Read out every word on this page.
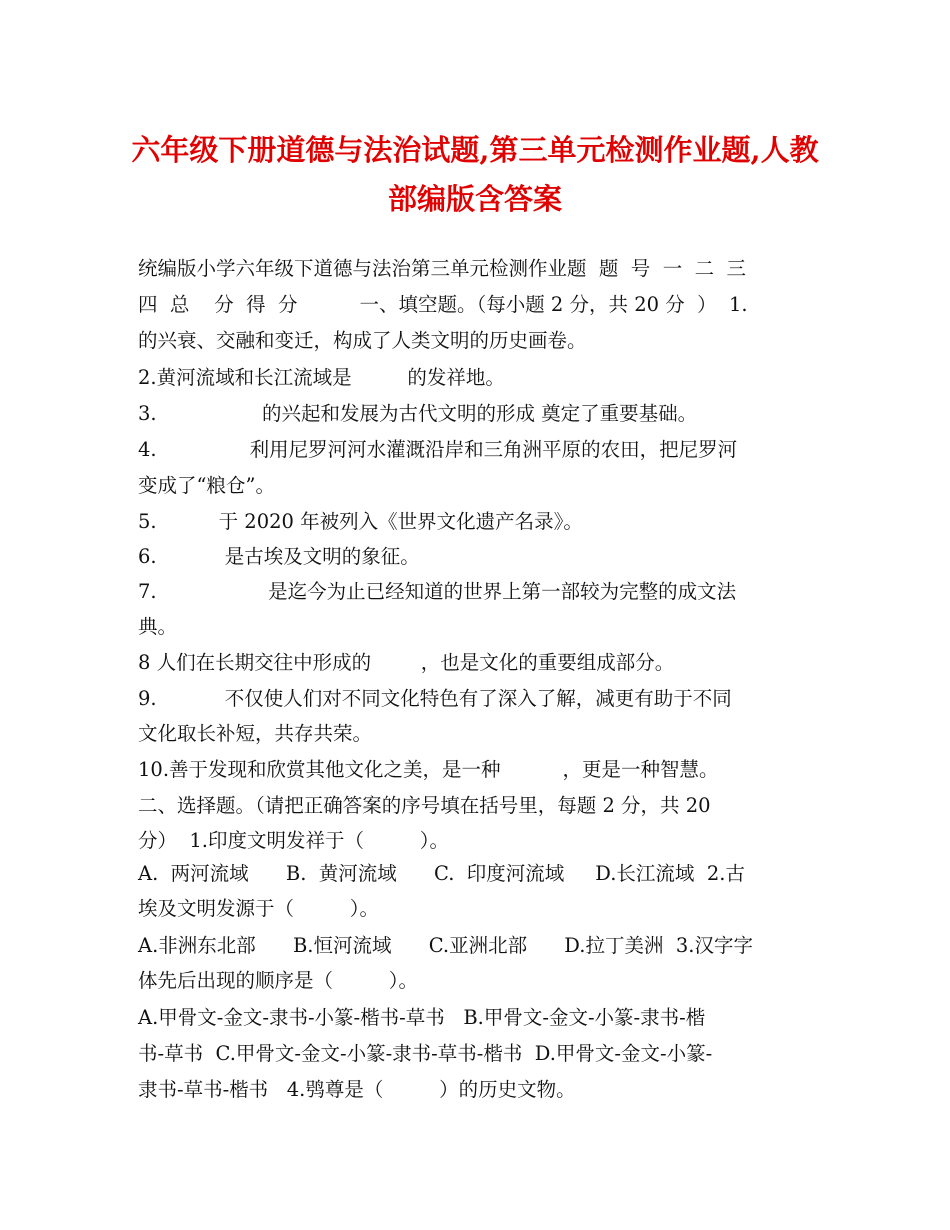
六年级下册道德与法治试题,第三单元检测作业题,人教
部编版含答案
统编版小学六年级下道德与法治第三单元检测作业题  题  号  一  二  三
四  总    分  得  分          一、填空题。（每小题 2 分，共 20 分  ）  1.
的兴衰、交融和变迁，构成了人类文明的历史画卷。
2.黄河流域和长江流域是         的发祥地。
3.                 的兴起和发展为古代文明的形成 奠定了重要基础。
4.               利用尼罗河河水灌溉沿岸和三角洲平原的农田，把尼罗河
变成了“粮仓”。
5.          于 2020 年被列入《世界文化遗产名录》。
6.           是古埃及文明的象征。
7.                  是迄今为止已经知道的世界上第一部较为完整的成文法
典。
8 人们在长期交往中形成的        ，也是文化的重要组成部分。
9.           不仅使人们对不同文化特色有了深入了解，减更有助于不同
文化取长补短，共存共荣。
10.善于发现和欣赏其他文化之美，是一种          ，更是一种智慧。
二、选择题。（请把正确答案的序号填在括号里，每题 2 分，共 20
分）  1.印度文明发祥于（         ）。
A.  两河流域      B.  黄河流域      C.  印度河流域     D.长江流域  2.古
埃及文明发源于（         ）。
A.非洲东北部      B.恒河流域      C.亚洲北部      D.拉丁美洲  3.汉字字
体先后出现的顺序是（         ）。
A.甲骨文-金文-隶书-小篆-楷书-草书   B.甲骨文-金文-小篆-隶书-楷
书-草书  C.甲骨文-金文-小篆-隶书-草书-楷书  D.甲骨文-金文-小篆-
隶书-草书-楷书   4.鸮尊是（         ）的历史文物。
